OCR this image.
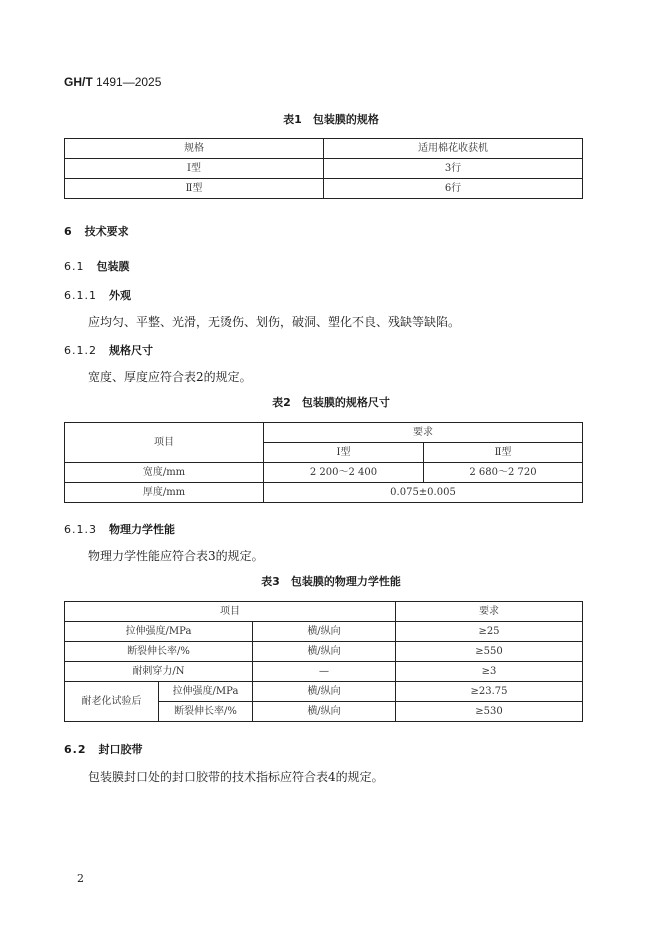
GH/T 1491—2025
表1　包装膜的规格
规格	适用棉花收获机
Ⅰ型	3行
Ⅱ型	6行
6 技术要求
6.1 包装膜
6.1.1 外观
应均匀、平整、光滑，无烫伤、划伤，破洞、塑化不良、残缺等缺陷。
6.1.2 规格尺寸
宽度、厚度应符合表2的规定。
表2　包装膜的规格尺寸
项目	要求	
	Ⅰ型	Ⅱ型
宽度/mm	2 200～2 400	2 680～2 720
厚度/mm	0.075±0.005	
6.1.3 物理力学性能
物理力学性能应符合表3的规定。
表3　包装膜的物理力学性能
项目			要求
拉伸强度/MPa		横/纵向	≥25
断裂伸长率/%		横/纵向	≥550
耐刺穿力/N		—	≥3
耐老化试验后	拉伸强度/MPa	横/纵向	≥23.75
	断裂伸长率/%	横/纵向	≥530
6.2 封口胶带
包装膜封口处的封口胶带的技术指标应符合表4的规定。
2
